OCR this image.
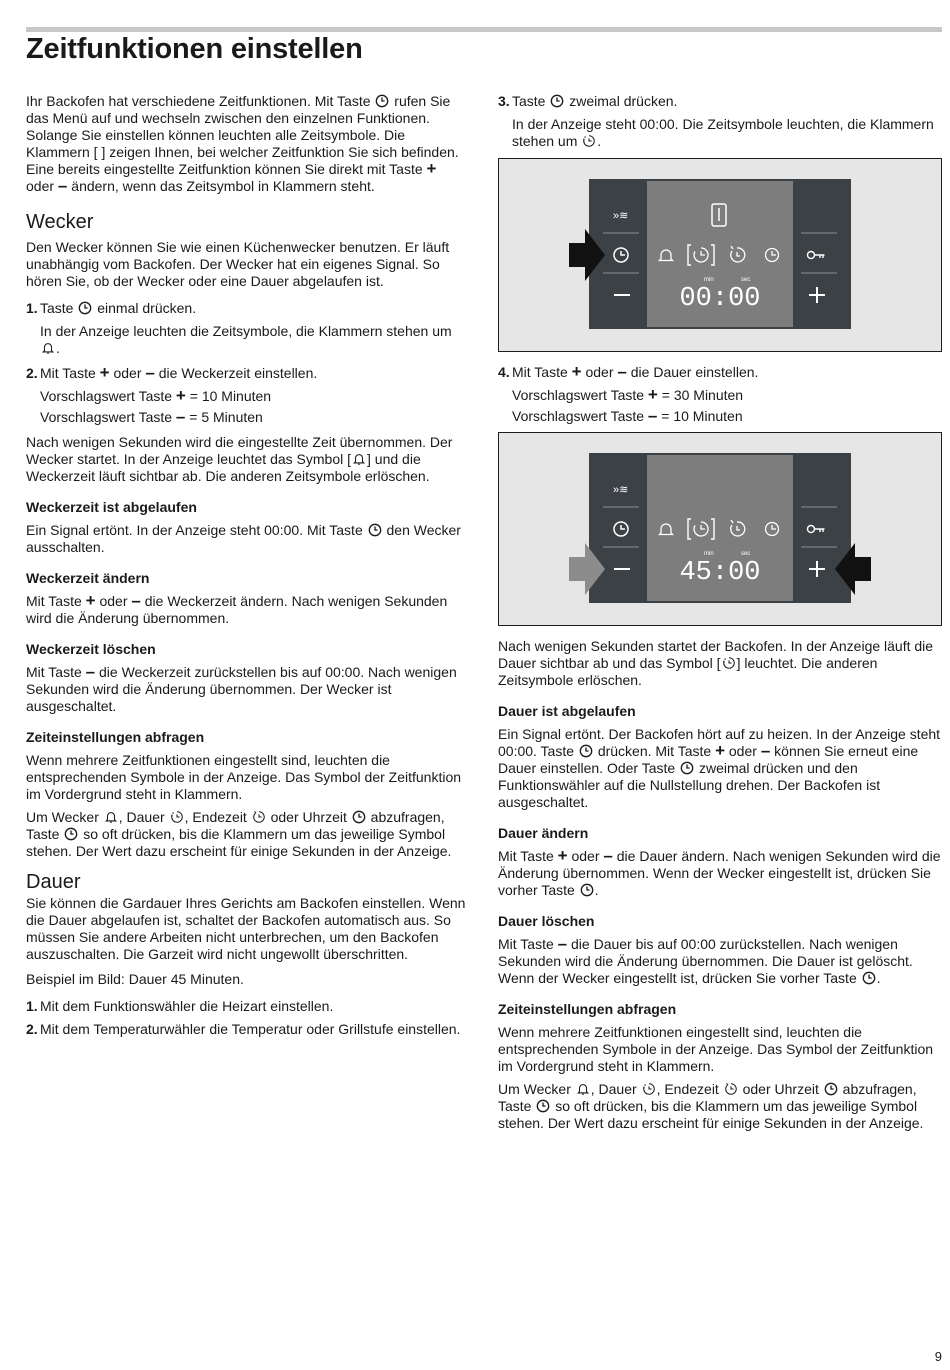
Zeitfunktionen einstellen

Ihr Backofen hat verschiedene Zeitfunktionen. Mit Taste rufen Sie das Menü auf und wechseln zwischen den einzelnen Funktionen. Solange Sie einstellen können leuchten alle Zeitsymbole. Die Klammern [ ] zeigen Ihnen, bei welcher Zeitfunktion Sie sich befinden. Eine bereits eingestellte Zeitfunktion können Sie direkt mit Taste + oder – ändern, wenn das Zeitsymbol in Klammern steht.

Wecker

Den Wecker können Sie wie einen Küchenwecker benutzen. Er läuft unabhängig vom Backofen. Der Wecker hat ein eigenes Signal. So hören Sie, ob der Wecker oder eine Dauer abgelaufen ist.

1. Taste einmal drücken.
In der Anzeige leuchten die Zeitsymbole, die Klammern stehen um .
2. Mit Taste + oder – die Weckerzeit einstellen.
Vorschlagswert Taste + = 10 Minuten
Vorschlagswert Taste – = 5 Minuten

Nach wenigen Sekunden wird die eingestellte Zeit übernommen. Der Wecker startet. In der Anzeige leuchtet das Symbol [ ] und die Weckerzeit läuft sichtbar ab. Die anderen Zeitsymbole erlöschen.

Weckerzeit ist abgelaufen

Ein Signal ertönt. In der Anzeige steht 00:00. Mit Taste den Wecker ausschalten.

Weckerzeit ändern

Mit Taste + oder – die Weckerzeit ändern. Nach wenigen Sekunden wird die Änderung übernommen.

Weckerzeit löschen

Mit Taste – die Weckerzeit zurückstellen bis auf 00:00. Nach wenigen Sekunden wird die Änderung übernommen. Der Wecker ist ausgeschaltet.

Zeiteinstellungen abfragen

Wenn mehrere Zeitfunktionen eingestellt sind, leuchten die entsprechenden Symbole in der Anzeige. Das Symbol der Zeitfunktion im Vordergrund steht in Klammern.

Um Wecker , Dauer , Endezeit oder Uhrzeit abzufragen, Taste so oft drücken, bis die Klammern um das jeweilige Symbol stehen. Der Wert dazu erscheint für einige Sekunden in der Anzeige.

Dauer

Sie können die Gardauer Ihres Gerichts am Backofen einstellen. Wenn die Dauer abgelaufen ist, schaltet der Backofen automatisch aus. So müssen Sie andere Arbeiten nicht unterbrechen, um den Backofen auszuschalten. Die Garzeit wird nicht ungewollt überschritten.

Beispiel im Bild: Dauer 45 Minuten.

1. Mit dem Funktionswähler die Heizart einstellen.
2. Mit dem Temperaturwähler die Temperatur oder Grillstufe einstellen.
3. Taste zweimal drücken.
In der Anzeige steht 00:00. Die Zeitsymbole leuchten, die Klammern stehen um .
»≋
min	sec
00:00
4. Mit Taste + oder – die Dauer einstellen.
Vorschlagswert Taste + = 30 Minuten
Vorschlagswert Taste – = 10 Minuten
»≋
min	sec
45:00

Nach wenigen Sekunden startet der Backofen. In der Anzeige läuft die Dauer sichtbar ab und das Symbol [ ] leuchtet. Die anderen Zeitsymbole erlöschen.

Dauer ist abgelaufen

Ein Signal ertönt. Der Backofen hört auf zu heizen. In der Anzeige steht 00:00. Taste drücken. Mit Taste + oder – können Sie erneut eine Dauer einstellen. Oder Taste zweimal drücken und den Funktionswähler auf die Nullstellung drehen. Der Backofen ist ausgeschaltet.

Dauer ändern

Mit Taste + oder – die Dauer ändern. Nach wenigen Sekunden wird die Änderung übernommen. Wenn der Wecker eingestellt ist, drücken Sie vorher Taste .

Dauer löschen

Mit Taste – die Dauer bis auf 00:00 zurückstellen. Nach wenigen Sekunden wird die Änderung übernommen. Die Dauer ist gelöscht. Wenn der Wecker eingestellt ist, drücken Sie vorher Taste .

Zeiteinstellungen abfragen

Wenn mehrere Zeitfunktionen eingestellt sind, leuchten die entsprechenden Symbole in der Anzeige. Das Symbol der Zeitfunktion im Vordergrund steht in Klammern.

Um Wecker , Dauer , Endezeit oder Uhrzeit abzufragen, Taste so oft drücken, bis die Klammern um das jeweilige Symbol stehen. Der Wert dazu erscheint für einige Sekunden in der Anzeige.

9
